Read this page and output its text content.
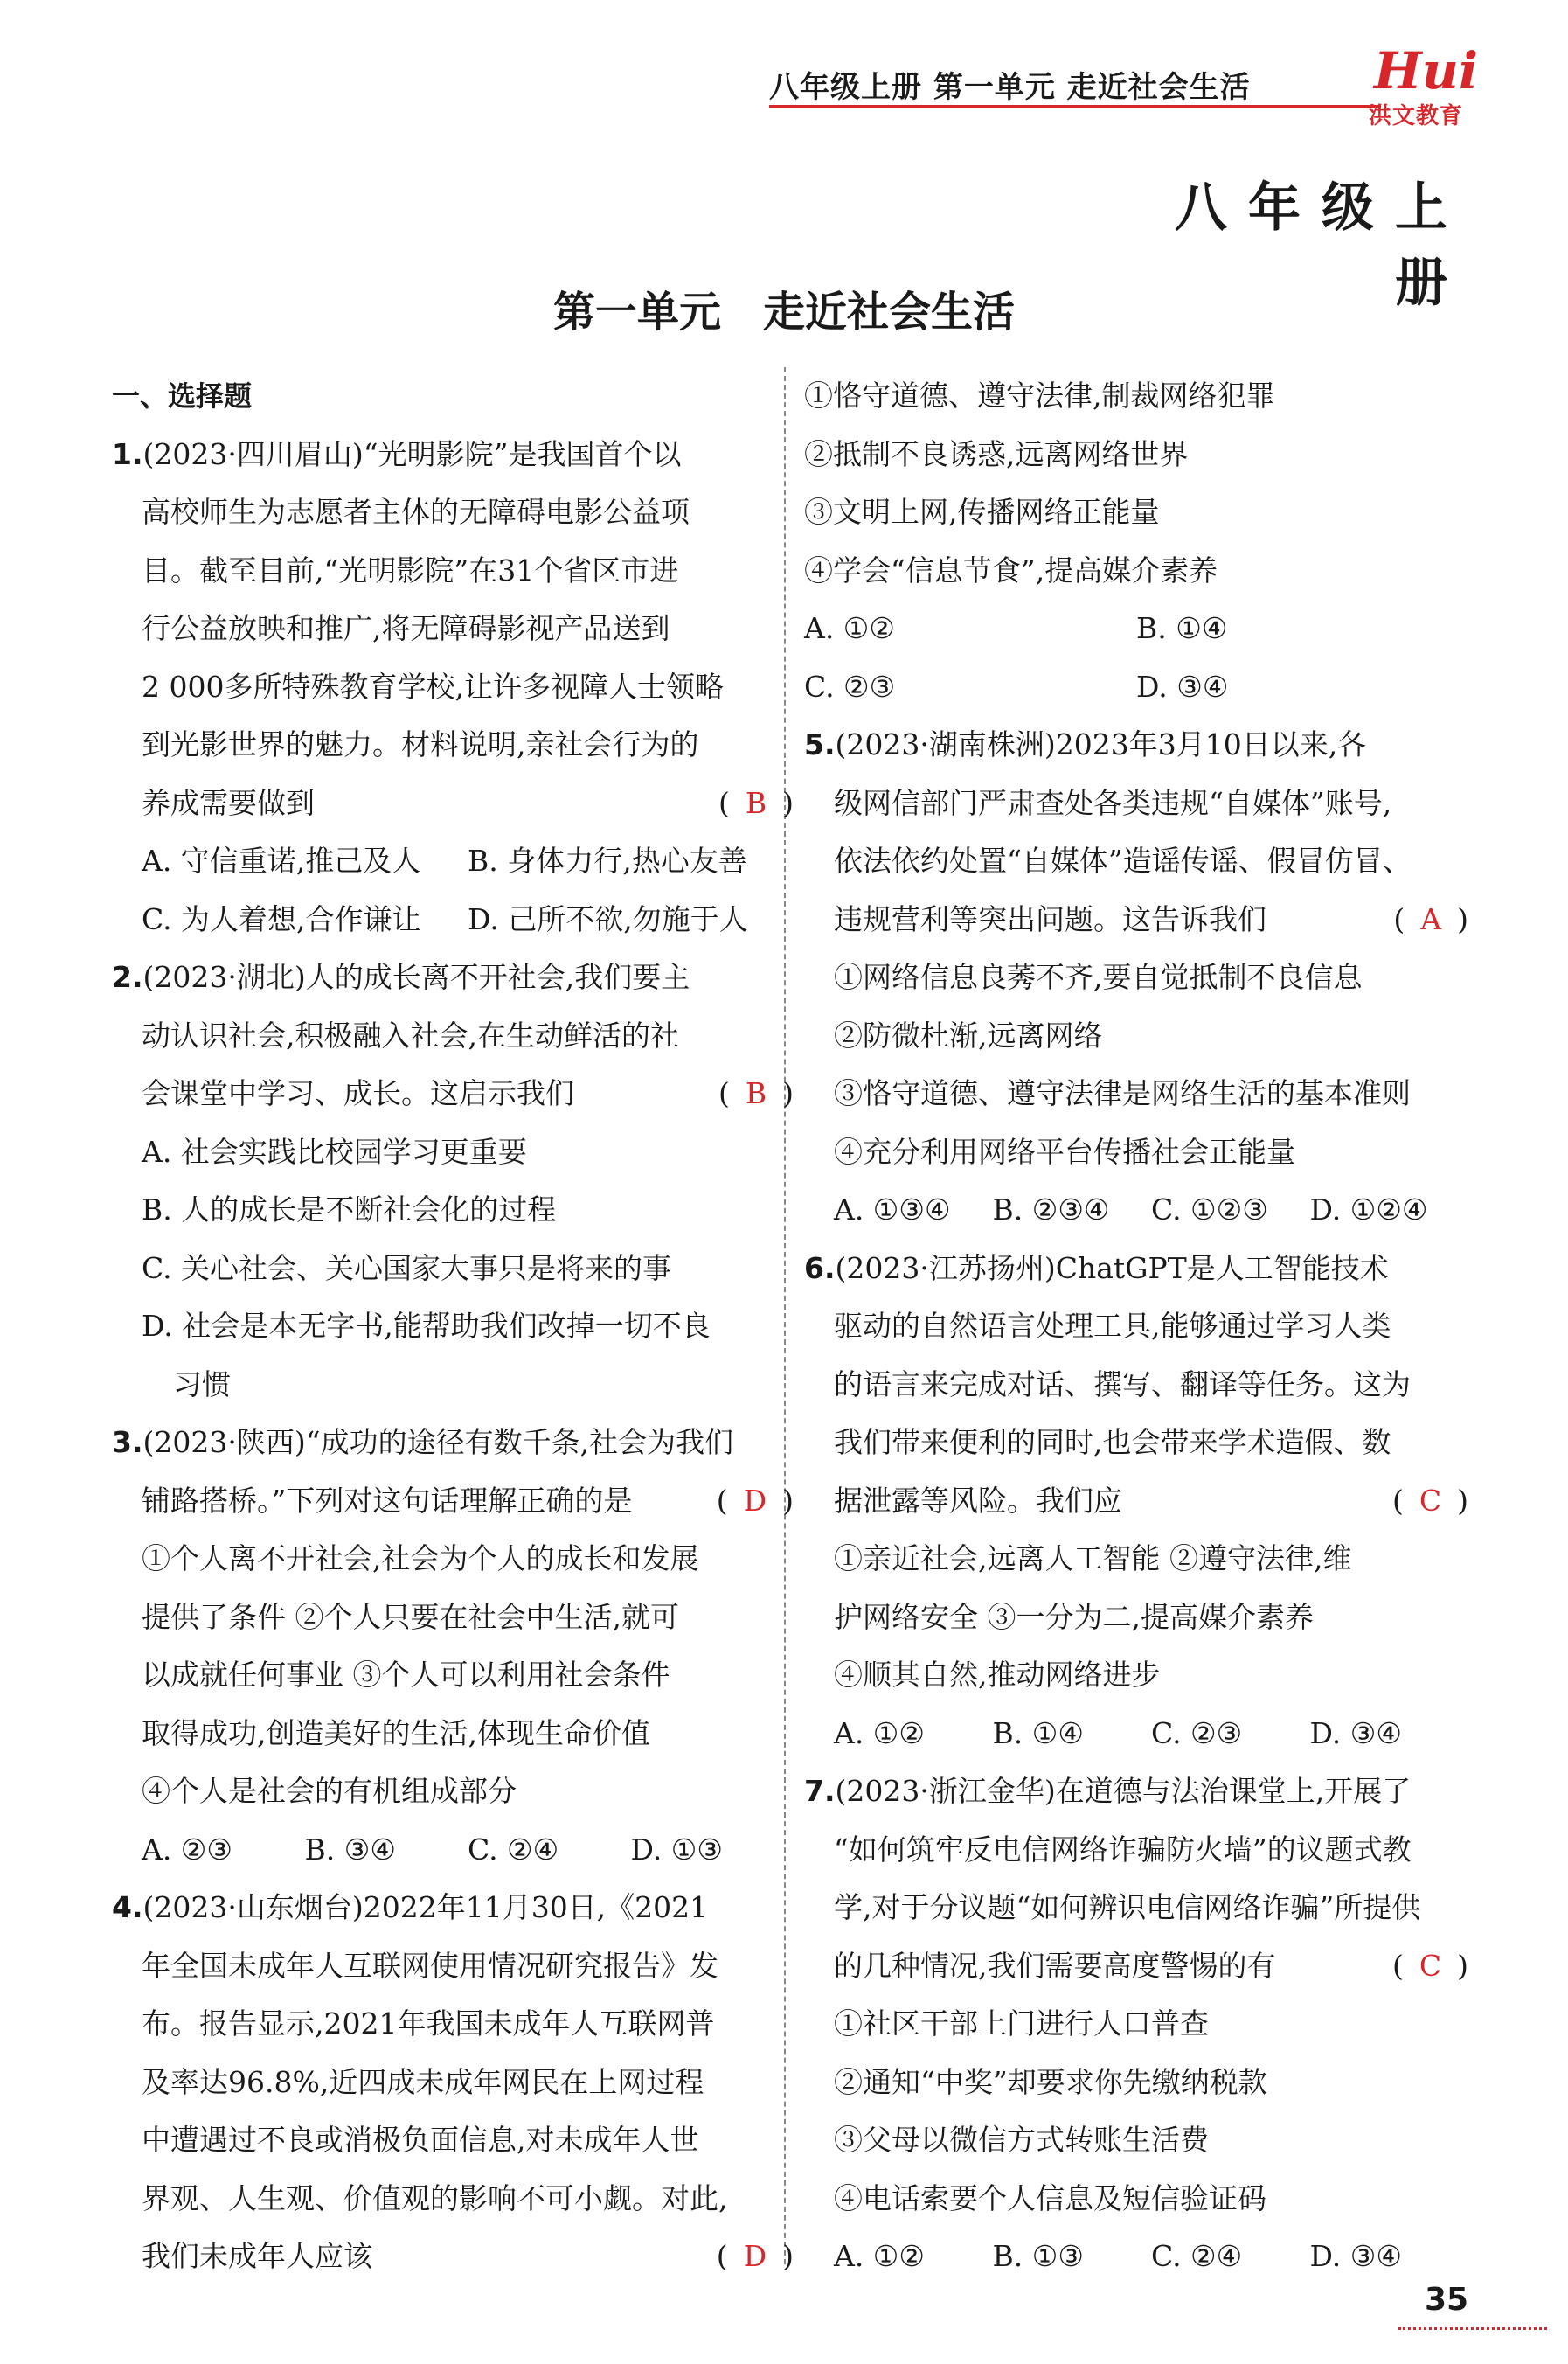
八年级上册 第一单元 走近社会生活	Hui
洪文教育
八年级上册
第一单元 走近社会生活
一、选择题
1.(2023·四川眉山)“光明影院”是我国首个以
高校师生为志愿者主体的无障碍电影公益项
目。截至目前,“光明影院”在31个省区市进
行公益放映和推广,将无障碍影视产品送到
2 000多所特殊教育学校,让许多视障人士领略
到光影世界的魅力。材料说明,亲社会行为的
养成需要做到	( B )
A. 守信重诺,推己及人	B. 身体力行,热心友善
C. 为人着想,合作谦让	D. 己所不欲,勿施于人
2.(2023·湖北)人的成长离不开社会,我们要主
动认识社会,积极融入社会,在生动鲜活的社
会课堂中学习、成长。这启示我们	( B )
A. 社会实践比校园学习更重要
B. 人的成长是不断社会化的过程
C. 关心社会、关心国家大事只是将来的事
D. 社会是本无字书,能帮助我们改掉一切不良
习惯
3.(2023·陕西)“成功的途径有数千条,社会为我们
铺路搭桥。”下列对这句话理解正确的是	( D )
①个人离不开社会,社会为个人的成长和发展
提供了条件 ②个人只要在社会中生活,就可
以成就任何事业 ③个人可以利用社会条件
取得成功,创造美好的生活,体现生命价值
④个人是社会的有机组成部分
A. ②③	B. ③④	C. ②④	D. ①③
4.(2023·山东烟台)2022年11月30日,《2021
年全国未成年人互联网使用情况研究报告》发
布。报告显示,2021年我国未成年人互联网普
及率达96.8%,近四成未成年网民在上网过程
中遭遇过不良或消极负面信息,对未成年人世
界观、人生观、价值观的影响不可小觑。对此,
我们未成年人应该	( D )
①恪守道德、遵守法律,制裁网络犯罪
②抵制不良诱惑,远离网络世界
③文明上网,传播网络正能量
④学会“信息节食”,提高媒介素养
A. ①②	B. ①④
C. ②③	D. ③④
5.(2023·湖南株洲)2023年3月10日以来,各
级网信部门严肃查处各类违规“自媒体”账号,
依法依约处置“自媒体”造谣传谣、假冒仿冒、
违规营利等突出问题。这告诉我们	( A )
①网络信息良莠不齐,要自觉抵制不良信息
②防微杜渐,远离网络
③恪守道德、遵守法律是网络生活的基本准则
④充分利用网络平台传播社会正能量
A. ①③④	B. ②③④	C. ①②③	D. ①②④
6.(2023·江苏扬州)ChatGPT是人工智能技术
驱动的自然语言处理工具,能够通过学习人类
的语言来完成对话、撰写、翻译等任务。这为
我们带来便利的同时,也会带来学术造假、数
据泄露等风险。我们应	( C )
①亲近社会,远离人工智能 ②遵守法律,维
护网络安全 ③一分为二,提高媒介素养
④顺其自然,推动网络进步
A. ①②	B. ①④	C. ②③	D. ③④
7.(2023·浙江金华)在道德与法治课堂上,开展了
“如何筑牢反电信网络诈骗防火墙”的议题式教
学,对于分议题“如何辨识电信网络诈骗”所提供
的几种情况,我们需要高度警惕的有	( C )
①社区干部上门进行人口普查
②通知“中奖”却要求你先缴纳税款
③父母以微信方式转账生活费
④电话索要个人信息及短信验证码
A. ①②	B. ①③	C. ②④	D. ③④
35
